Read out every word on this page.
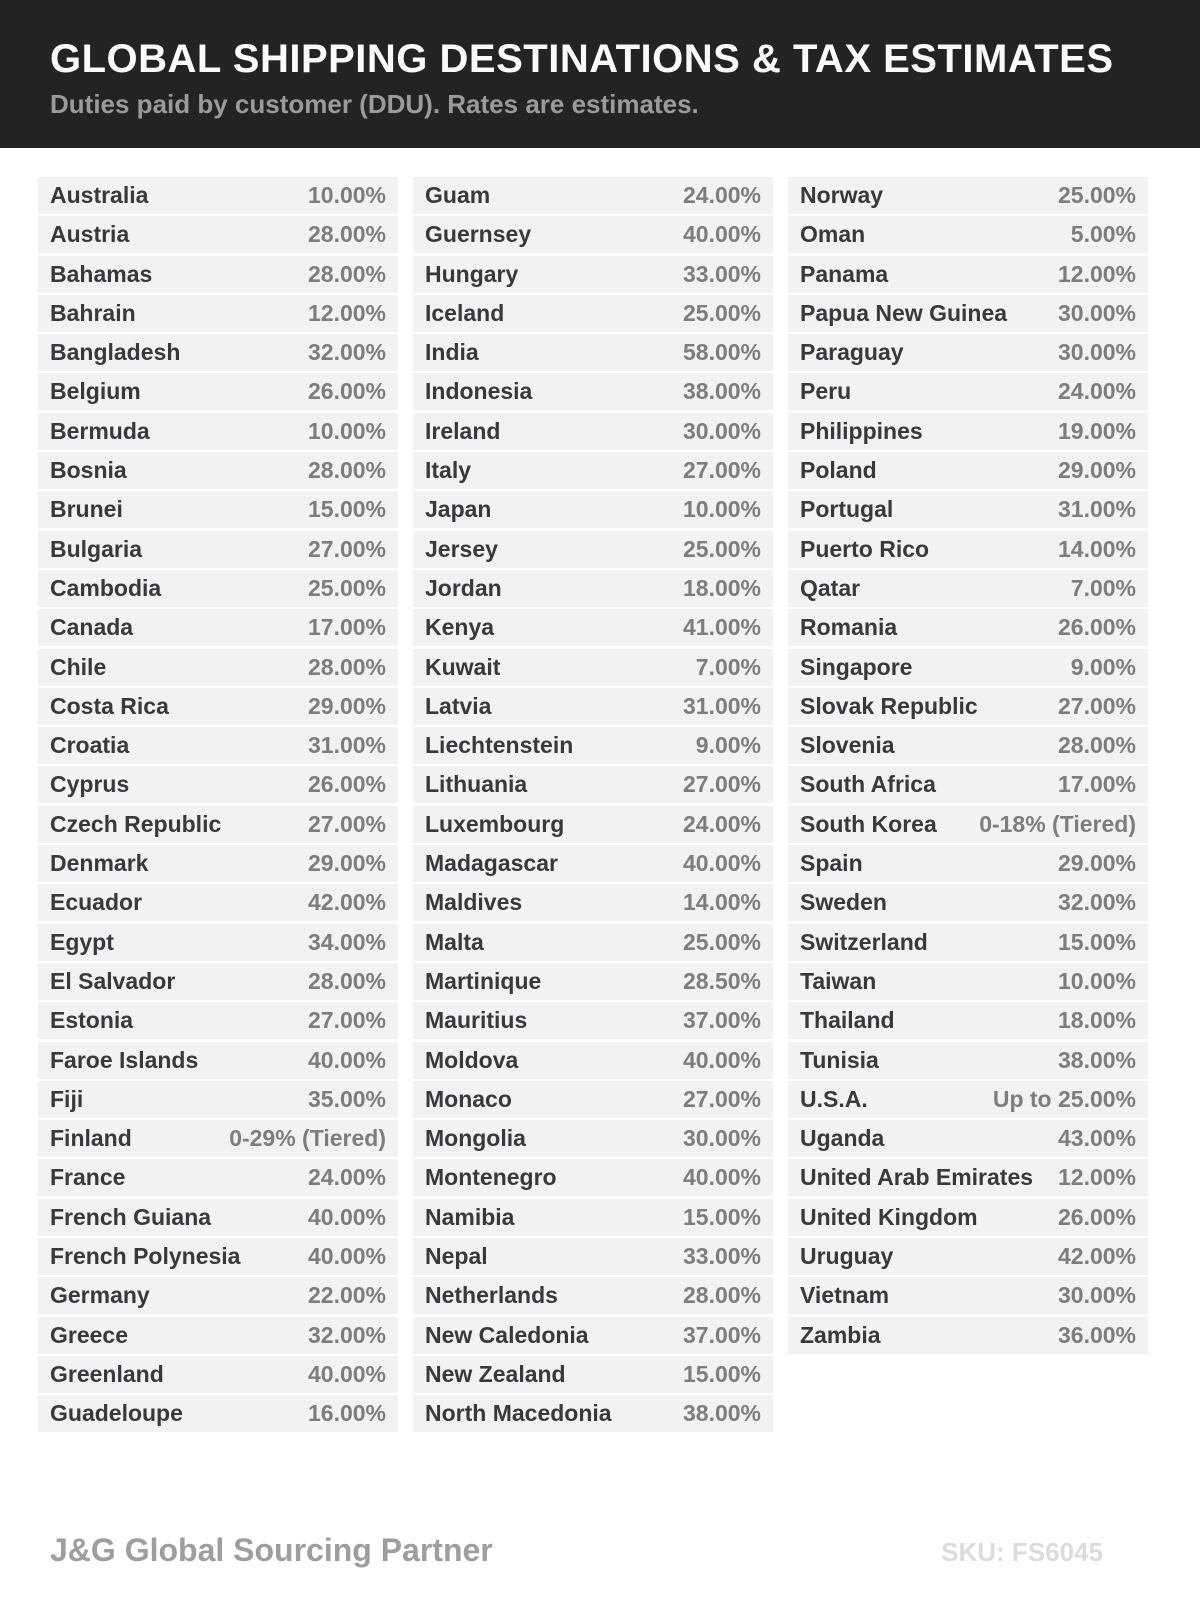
GLOBAL SHIPPING DESTINATIONS & TAX ESTIMATES

Duties paid by customer (DDU). Rates are estimates.

Australia	10.00%
Austria	28.00%
Bahamas	28.00%
Bahrain	12.00%
Bangladesh	32.00%
Belgium	26.00%
Bermuda	10.00%
Bosnia	28.00%
Brunei	15.00%
Bulgaria	27.00%
Cambodia	25.00%
Canada	17.00%
Chile	28.00%
Costa Rica	29.00%
Croatia	31.00%
Cyprus	26.00%
Czech Republic	27.00%
Denmark	29.00%
Ecuador	42.00%
Egypt	34.00%
El Salvador	28.00%
Estonia	27.00%
Faroe Islands	40.00%
Fiji	35.00%
Finland	0-29% (Tiered)
France	24.00%
French Guiana	40.00%
French Polynesia	40.00%
Germany	22.00%
Greece	32.00%
Greenland	40.00%
Guadeloupe	16.00%
Guam	24.00%
Guernsey	40.00%
Hungary	33.00%
Iceland	25.00%
India	58.00%
Indonesia	38.00%
Ireland	30.00%
Italy	27.00%
Japan	10.00%
Jersey	25.00%
Jordan	18.00%
Kenya	41.00%
Kuwait	7.00%
Latvia	31.00%
Liechtenstein	9.00%
Lithuania	27.00%
Luxembourg	24.00%
Madagascar	40.00%
Maldives	14.00%
Malta	25.00%
Martinique	28.50%
Mauritius	37.00%
Moldova	40.00%
Monaco	27.00%
Mongolia	30.00%
Montenegro	40.00%
Namibia	15.00%
Nepal	33.00%
Netherlands	28.00%
New Caledonia	37.00%
New Zealand	15.00%
North Macedonia	38.00%
Norway	25.00%
Oman	5.00%
Panama	12.00%
Papua New Guinea 30.00%
Paraguay	30.00%
Peru	24.00%
Philippines	19.00%
Poland	29.00%
Portugal	31.00%
Puerto Rico	14.00%
Qatar	7.00%
Romania	26.00%
Singapore	9.00%
Slovak Republic	27.00%
Slovenia	28.00%
South Africa	17.00%
South Korea 0-18% (Tiered)
Spain	29.00%
Sweden	32.00%
Switzerland	15.00%
Taiwan	10.00%
Thailand	18.00%
Tunisia	38.00%
U.S.A.	Up to 25.00%
Uganda	43.00%
United Arab Emirates 12.00%
United Kingdom	26.00%
Uruguay	42.00%
Vietnam	30.00%
Zambia	36.00%
J&G Global Sourcing Partner	SKU: FS6045
